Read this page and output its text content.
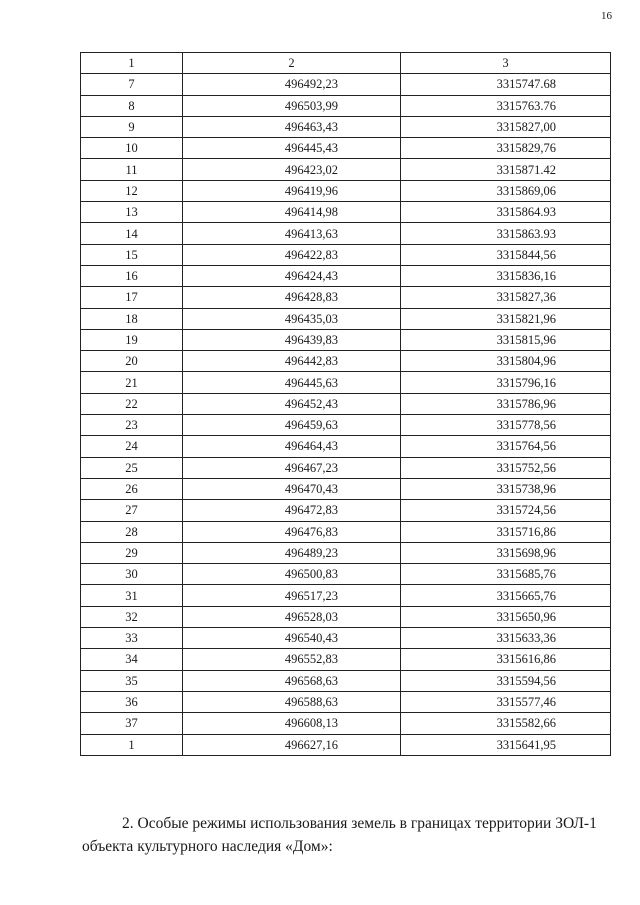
16
1	2	3
7	496492,23	3315747.68
8	496503,99	3315763.76
9	496463,43	3315827,00
10	496445,43	3315829,76
11	496423,02	3315871.42
12	496419,96	3315869,06
13	496414,98	3315864.93
14	496413,63	3315863.93
15	496422,83	3315844,56
16	496424,43	3315836,16
17	496428,83	3315827,36
18	496435,03	3315821,96
19	496439,83	3315815,96
20	496442,83	3315804,96
21	496445,63	3315796,16
22	496452,43	3315786,96
23	496459,63	3315778,56
24	496464,43	3315764,56
25	496467,23	3315752,56
26	496470,43	3315738,96
27	496472,83	3315724,56
28	496476,83	3315716,86
29	496489,23	3315698,96
30	496500,83	3315685,76
31	496517,23	3315665,76
32	496528,03	3315650,96
33	496540,43	3315633,36
34	496552,83	3315616,86
35	496568,63	3315594,56
36	496588,63	3315577,46
37	496608,13	3315582,66
1	496627,16	3315641,95

2. Особые режимы использования земель в границах территории ЗОЛ-1
объекта культурного наследия «Дом»:
